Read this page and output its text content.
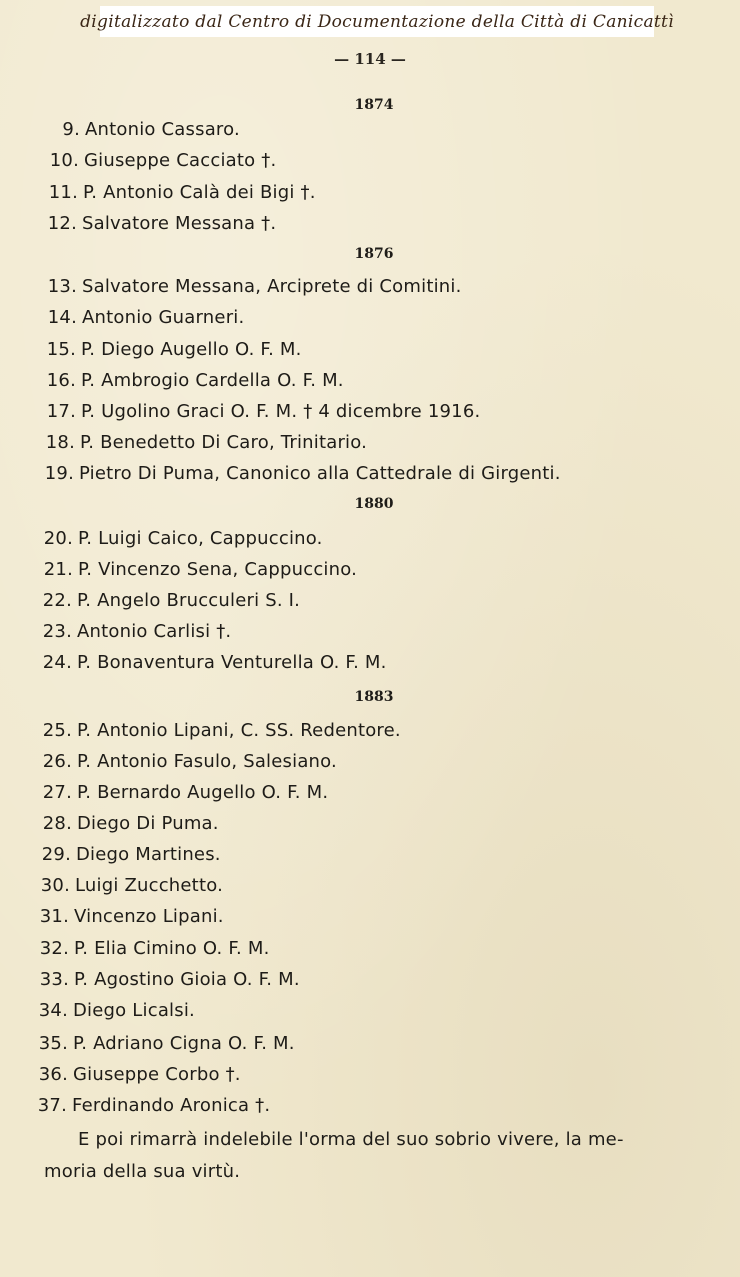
digitalizzato dal Centro di Documentazione della Città di Canicattì
— 114 —
1874
9. Antonio Cassaro.
10. Giuseppe Cacciato †.
11. P. Antonio Calà dei Bigi †.
12. Salvatore Messana †.
1876
13. Salvatore Messana, Arciprete di Comitini.
14. Antonio Guarneri.
15. P. Diego Augello O. F. M.
16. P. Ambrogio Cardella O. F. M.
17. P. Ugolino Graci O. F. M. † 4 dicembre 1916.
18. P. Benedetto Di Caro, Trinitario.
19. Pietro Di Puma, Canonico alla Cattedrale di Girgenti.
1880
20. P. Luigi Caico, Cappuccino.
21. P. Vincenzo Sena, Cappuccino.
22. P. Angelo Brucculeri S. I.
23. Antonio Carlisi †.
24. P. Bonaventura Venturella O. F. M.
1883
25. P. Antonio Lipani, C. SS. Redentore.
26. P. Antonio Fasulo, Salesiano.
27. P. Bernardo Augello O. F. M.
28. Diego Di Puma.
29. Diego Martines.
30. Luigi Zucchetto.
31. Vincenzo Lipani.
32. P. Elia Cimino O. F. M.
33. P. Agostino Gioia O. F. M.
34. Diego Licalsi.
35. P. Adriano Cigna O. F. M.
36. Giuseppe Corbo †.
37. Ferdinando Aronica †.
E poi rimarrà indelebile l'orma del suo sobrio vivere, la me-
moria della sua virtù.
